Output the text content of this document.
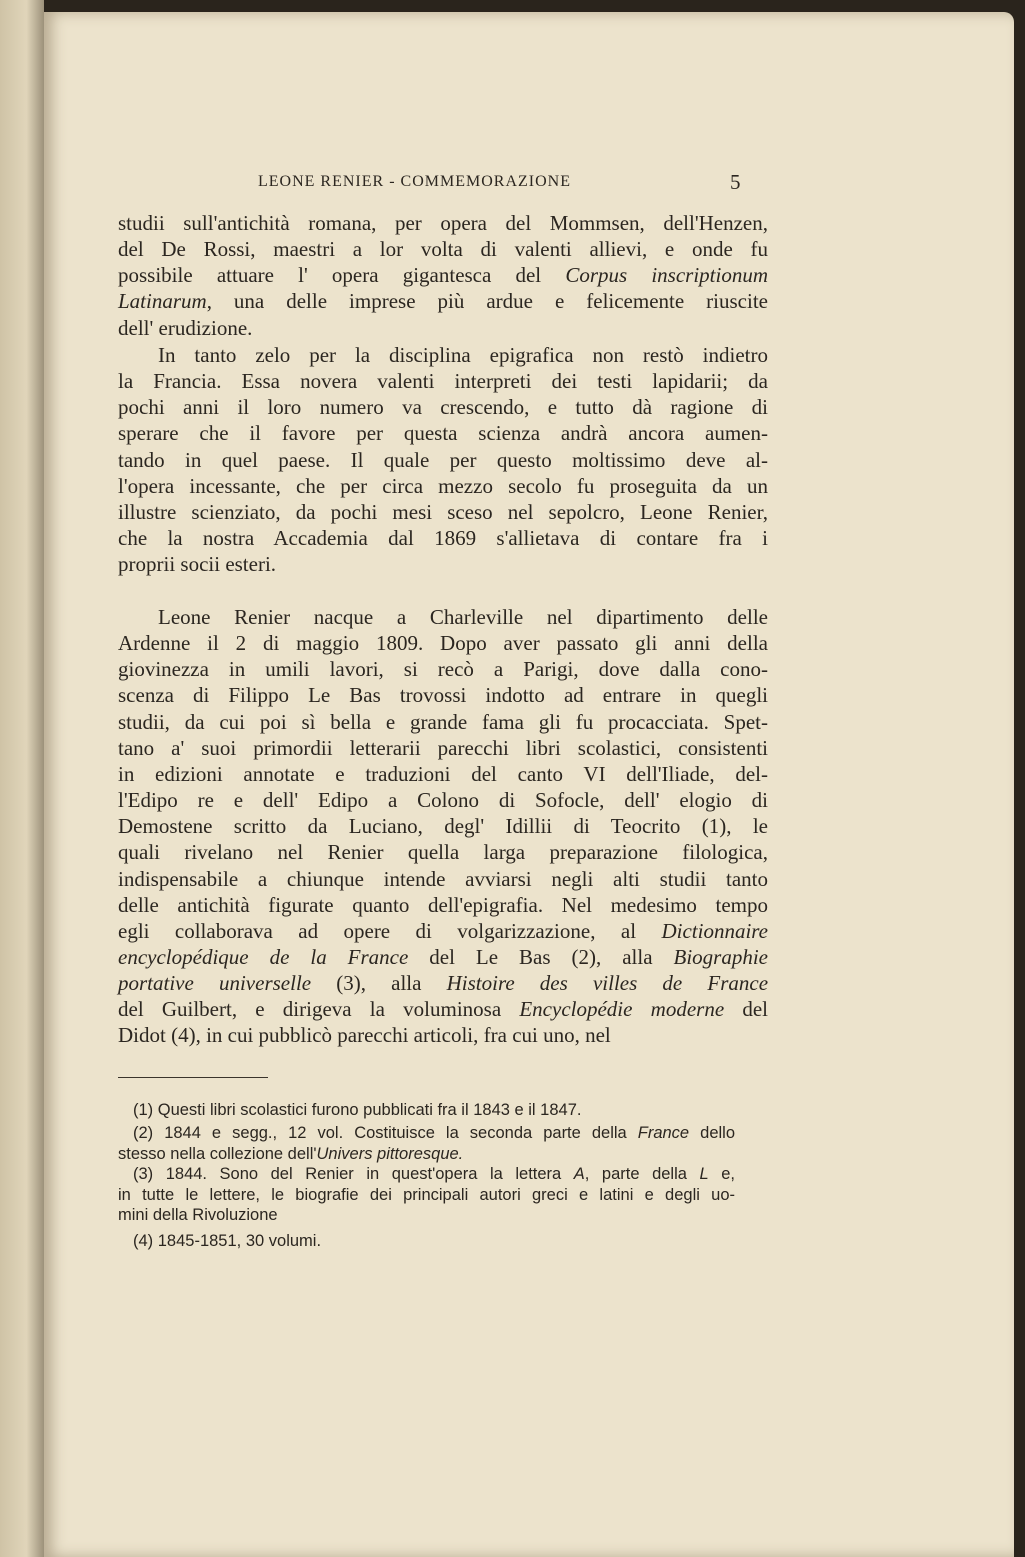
LEONE RENIER - COMMEMORAZIONE	5
studii sull'antichità romana, per opera del Mommsen, dell'Henzen,
del De Rossi, maestri a lor volta di valenti allievi, e onde fu
possibile attuare l' opera gigantesca del Corpus inscriptionum
Latinarum, una delle imprese più ardue e felicemente riuscite
dell' erudizione.
In tanto zelo per la disciplina epigrafica non restò indietro
la Francia. Essa novera valenti interpreti dei testi lapidarii; da
pochi anni il loro numero va crescendo, e tutto dà ragione di
sperare che il favore per questa scienza andrà ancora aumen-
tando in quel paese. Il quale per questo moltissimo deve al-
l'opera incessante, che per circa mezzo secolo fu proseguita da un
illustre scienziato, da pochi mesi sceso nel sepolcro, Leone Renier,
che la nostra Accademia dal 1869 s'allietava di contare fra i
proprii socii esteri.
Leone Renier nacque a Charleville nel dipartimento delle
Ardenne il 2 di maggio 1809. Dopo aver passato gli anni della
giovinezza in umili lavori, si recò a Parigi, dove dalla cono-
scenza di Filippo Le Bas trovossi indotto ad entrare in quegli
studii, da cui poi sì bella e grande fama gli fu procacciata. Spet-
tano a' suoi primordii letterarii parecchi libri scolastici, consistenti
in edizioni annotate e traduzioni del canto VI dell'Iliade, del-
l'Edipo re e dell' Edipo a Colono di Sofocle, dell' elogio di
Demostene scritto da Luciano, degl' Idillii di Teocrito (1), le
quali rivelano nel Renier quella larga preparazione filologica,
indispensabile a chiunque intende avviarsi negli alti studii tanto
delle antichità figurate quanto dell'epigrafia. Nel medesimo tempo
egli collaborava ad opere di volgarizzazione, al Dictionnaire
encyclopédique de la France del Le Bas (2), alla Biographie
portative universelle (3), alla Histoire des villes de France
del Guilbert, e dirigeva la voluminosa Encyclopédie moderne del
Didot (4), in cui pubblicò parecchi articoli, fra cui uno, nel
(1) Questi libri scolastici furono pubblicati fra il 1843 e il 1847.
(2) 1844 e segg., 12 vol. Costituisce la seconda parte della France dello
stesso nella collezione dell'Univers pittoresque.
(3) 1844. Sono del Renier in quest'opera la lettera A, parte della L e,
in tutte le lettere, le biografie dei principali autori greci e latini e degli uo-
mini della Rivoluzione
(4) 1845-1851, 30 volumi.
